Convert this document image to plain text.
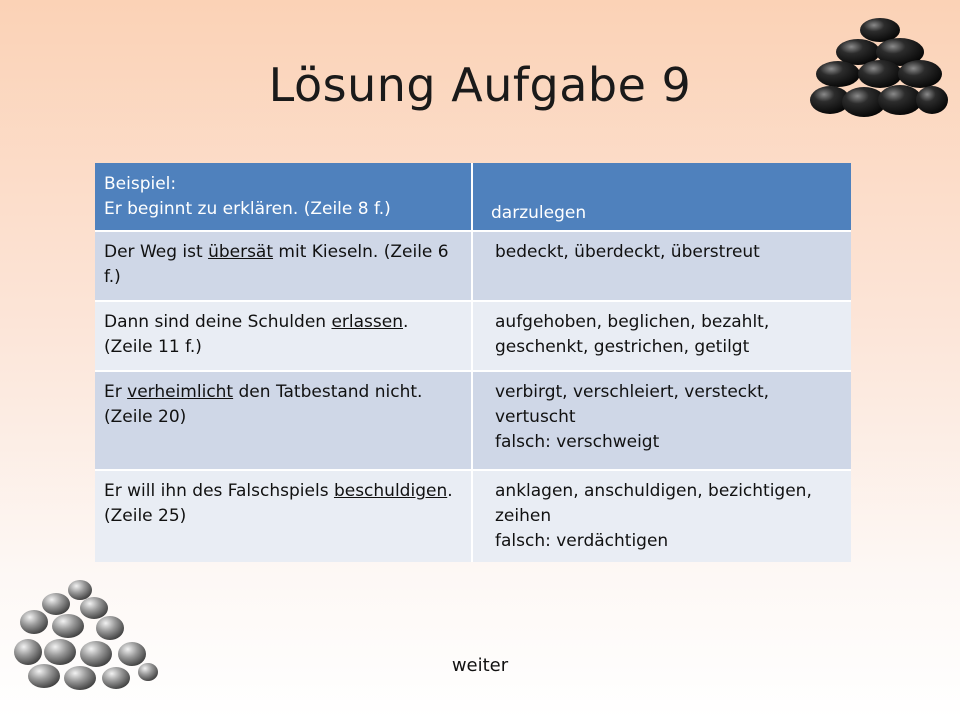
Lösung Aufgabe 9
Beispiel:
Er beginnt zu erklären. (Zeile 8 f.)	darzulegen
Der Weg ist übersät mit Kieseln. (Zeile 6 f.)	bedeckt, überdeckt, überstreut

Dann sind deine Schulden erlassen. (Zeile 11 f.)	aufgehoben, beglichen, bezahlt,
geschenkt, gestrichen, getilgt

Er verheimlicht den Tatbestand nicht. (Zeile 20)	verbirgt, verschleiert, versteckt,
vertuscht
falsch: verschweigt

Er will ihn des Falschspiels beschuldigen. (Zeile 25)	anklagen, anschuldigen, bezichtigen,
zeihen
falsch: verdächtigen
weiter
